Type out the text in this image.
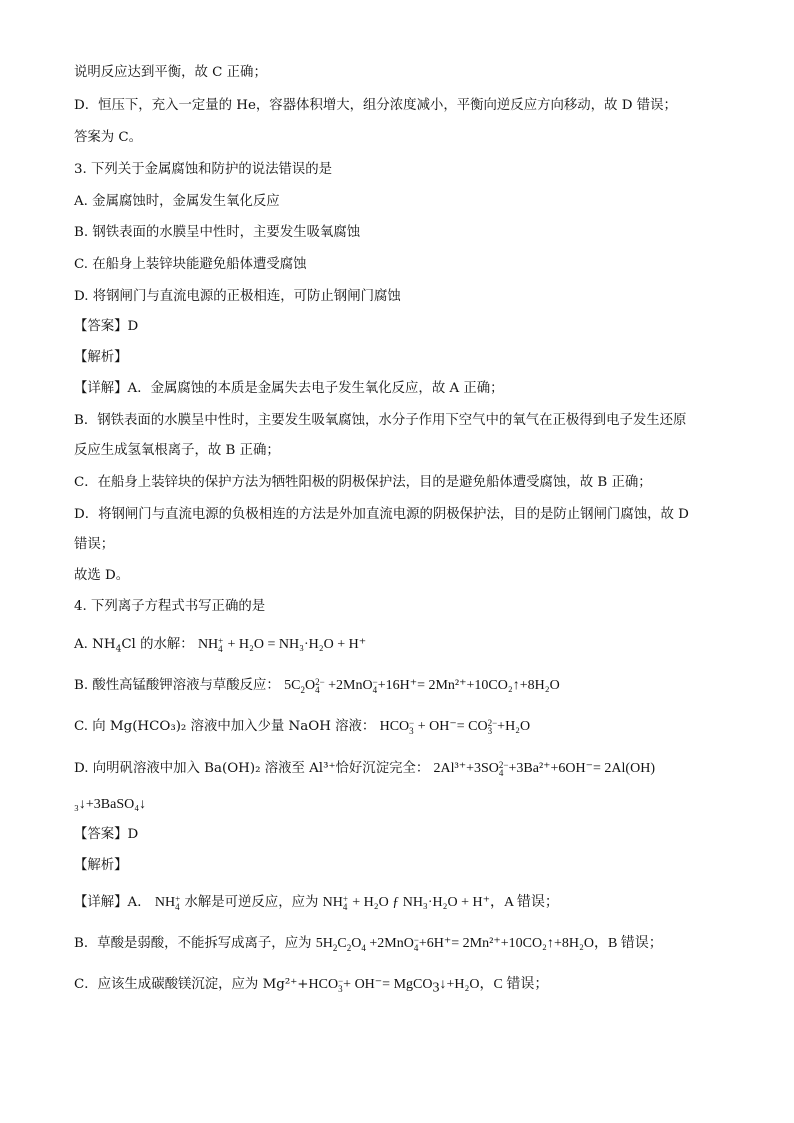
说明反应达到平衡，故 C 正确；
D．恒压下，充入一定量的 He，容器体积增大，组分浓度减小，平衡向逆反应方向移动，故 D 错误；
答案为 C。
3. 下列关于金属腐蚀和防护的说法错误的是
A. 金属腐蚀时，金属发生氧化反应
B. 钢铁表面的水膜呈中性时，主要发生吸氧腐蚀
C. 在船身上装锌块能避免船体遭受腐蚀
D. 将钢闸门与直流电源的正极相连，可防止钢闸门腐蚀
【答案】D
【解析】
【详解】A．金属腐蚀的本质是金属失去电子发生氧化反应，故 A 正确；
B．钢铁表面的水膜呈中性时，主要发生吸氧腐蚀，水分子作用下空气中的氧气在正极得到电子发生还原
反应生成氢氧根离子，故 B 正确；
C．在船身上装锌块的保护方法为牺牲阳极的阴极保护法，目的是避免船体遭受腐蚀，故 B 正确；
D．将钢闸门与直流电源的负极相连的方法是外加直流电源的阴极保护法，目的是防止钢闸门腐蚀，故 D
错误；
故选 D。
4. 下列离子方程式书写正确的是
A. $NH_4Cl$ 的水解： NH +
4 + H₂O = NH₃·H₂O + H⁺
B. 酸性高锰酸钾溶液与草酸反应： $5C_2O$ 2−
4 +2MnO −
4 +16H⁺= 2Mn²⁺+10CO₂↑+8H₂O
C. 向 Mg(HCO₃)₂ 溶液中加入少量 NaOH 溶液： HCO −
3 + OH⁻= CO 2−
3 +H₂O
D. 向明矾溶液中加入 Ba(OH)₂ 溶液至 Al³⁺恰好沉淀完全： 2Al³⁺+3SO 2−
4 +3Ba²⁺+6OH⁻= 2Al(OH)
₃↓+3BaSO₄↓
【答案】D
【解析】
【详解】A． NH +
4 水解是可逆反应，应为 NH +
4 + H₂O ƒ NH₃·H₂O + H⁺，A 错误；
B．草酸是弱酸，不能拆写成离子，应为 $5H_2C_2O_4 +2MnO$ −
4 +6H⁺= 2Mn²⁺+10CO₂↑+8H₂O，B 错误；
C．应该生成碳酸镁沉淀，应为 Mg²⁺+HCO −
3 + OH⁻= MgCO$_3$↓+H₂O，C 错误；
